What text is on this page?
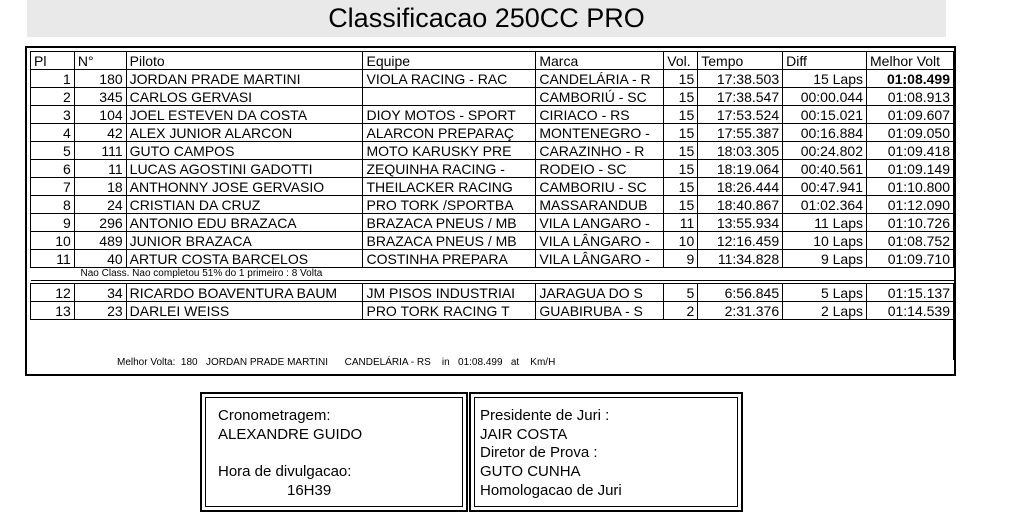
Classificacao 250CC PRO
Pl	N°	Piloto	Equipe	Marca	Vol.	Tempo	Diff	Melhor Volt
1	180	JORDAN PRADE MARTINI	VIOLA RACING - RAC	CANDELÁRIA - R	15	17:38.503	15 Laps	01:08.499
2	345	CARLOS GERVASI		CAMBORIÚ - SC	15	17:38.547	00:00.044	01:08.913
3	104	JOEL ESTEVEN DA COSTA	DIOY MOTOS - SPORT	CIRIACO - RS	15	17:53.524	00:15.021	01:09.607
4	42	ALEX JUNIOR ALARCON	ALARCON PREPARAÇ	MONTENEGRO -	15	17:55.387	00:16.884	01:09.050
5	111	GUTO CAMPOS	MOTO KARUSKY PRE	CARAZINHO - R	15	18:03.305	00:24.802	01:09.418
6	11	LUCAS AGOSTINI GADOTTI	ZEQUINHA RACING -	RODEIO - SC	15	18:19.064	00:40.561	01:09.149
7	18	ANTHONNY JOSE GERVASIO	THEILACKER RACING	CAMBORIU - SC	15	18:26.444	00:47.941	01:10.800
8	24	CRISTIAN DA CRUZ	PRO TORK /SPORTBA	MASSARANDUB	15	18:40.867	01:02.364	01:12.090
9	296	ANTONIO EDU BRAZACA	BRAZACA PNEUS / MB	VILA LANGARO -	11	13:55.934	11 Laps	01:10.726
10	489	JUNIOR BRAZACA	BRAZACA PNEUS / MB	VILA LÂNGARO -	10	12:16.459	10 Laps	01:08.752
11	40	ARTUR COSTA BARCELOS	COSTINHA PREPARA	VILA LÂNGARO -	9	11:34.828	9 Laps	01:09.710
Nao Class. Nao completou 51% do 1 primeiro : 8 Volta								

12	34	RICARDO BOAVENTURA BAUM	JM PISOS INDUSTRIAI	JARAGUA DO S	5	6:56.845	5 Laps	01:15.137
13	23	DARLEI WEISS	PRO TORK RACING T	GUABIRUBA - S	2	2:31.376	2 Laps	01:14.539

Melhor Volta:  180   JORDAN PRADE MARTINI      CANDELÁRIA - RS    in   01:08.499   at    Km/H
Cronometragem:
ALEXANDRE GUIDO
Hora de divulgacao:
16H39
Presidente de Juri :
JAIR COSTA
Diretor de Prova :
GUTO CUNHA
Homologacao de Juri
